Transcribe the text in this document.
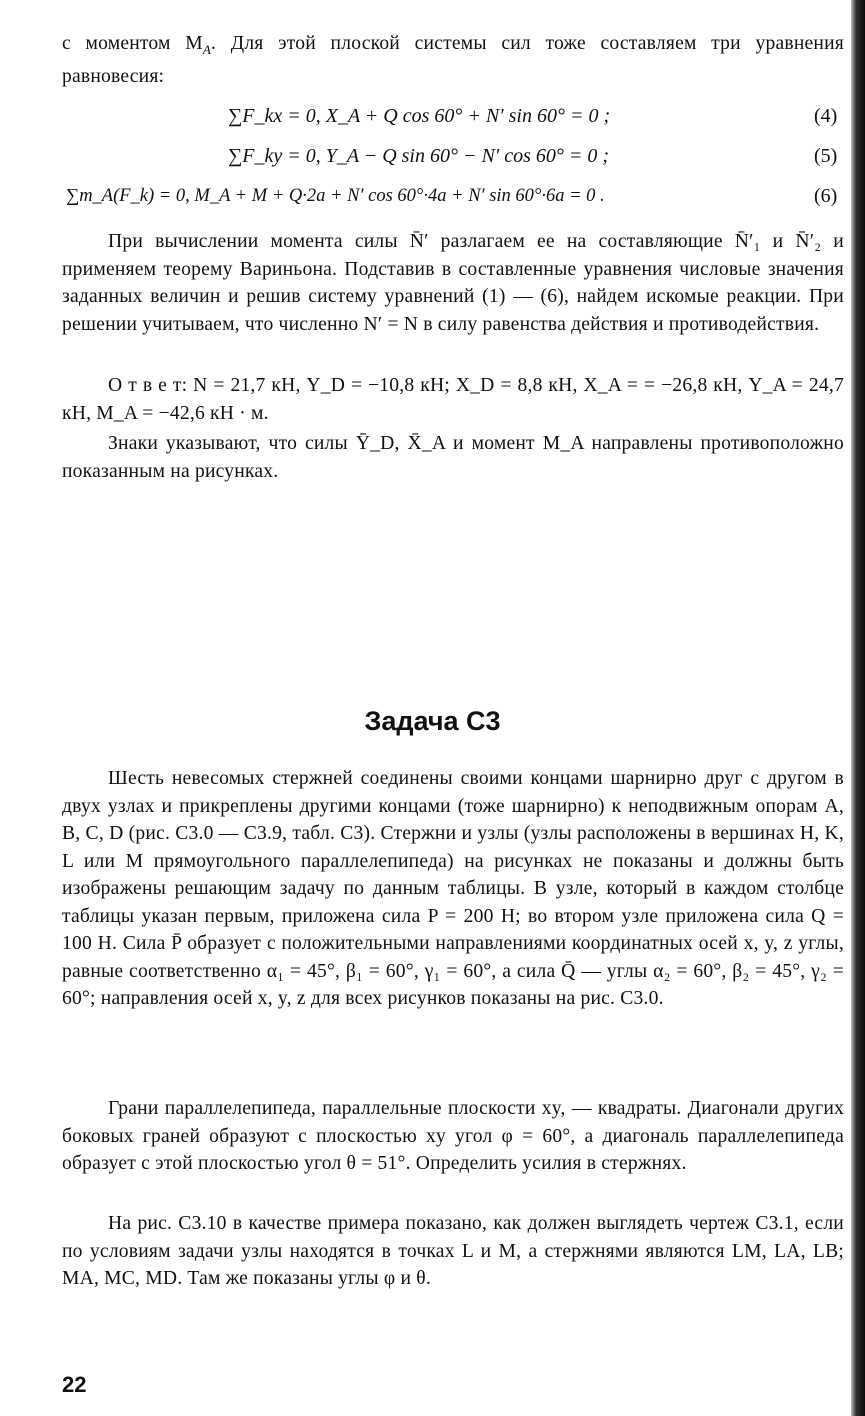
с моментом $M_A$. Для этой плоской системы сил тоже составляем три уравнения равновесия:

∑F_kx = 0, X_A + Q cos 60° + N′ sin 60° = 0 ;	(4)
∑F_ky = 0, Y_A − Q sin 60° − N′ cos 60° = 0 ;	(5)
∑m_A(F_k) = 0, M_A + M + Q·2a + N′ cos 60°·4a + N′ sin 60°·6a = 0 .	(6)

При вычислении момента силы N̄′ разлагаем ее на составляющие N̄′₁ и N̄′₂ и применяем теорему Вариньона. Подставив в составленные уравнения числовые значения заданных величин и решив систему уравнений (1) — (6), найдем искомые реакции. При решении учитываем, что численно N′ = N в силу равенства действия и противодействия.

О т в е т: N = 21,7 кН, Y_D = −10,8 кН; X_D = 8,8 кН, X_A = = −26,8 кН, Y_A = 24,7 кН, M_A = −42,6 кН · м.

Знаки указывают, что силы Ȳ_D, X̄_A и момент M_A направлены противоположно показанным на рисунках.

Задача С3

Шесть невесомых стержней соединены своими концами шарнирно друг с другом в двух узлах и прикреплены другими концами (тоже шарнирно) к неподвижным опорам A, B, C, D (рис. С3.0 — С3.9, табл. С3). Стержни и узлы (узлы расположены в вершинах H, K, L или M прямоугольного параллелепипеда) на рисунках не показаны и должны быть изображены решающим задачу по данным таблицы. В узле, который в каждом столбце таблицы указан первым, приложена сила P = 200 Н; во втором узле приложена сила Q = 100 Н. Сила P̄ образует с положительными направлениями координатных осей x, y, z углы, равные соответственно α₁ = 45°, β₁ = 60°, γ₁ = 60°, а сила Q̄ — углы α₂ = 60°, β₂ = 45°, γ₂ = 60°; направления осей x, y, z для всех рисунков показаны на рис. С3.0.

Грани параллелепипеда, параллельные плоскости xy, — квадраты. Диагонали других боковых граней образуют с плоскостью xy угол φ = 60°, а диагональ параллелепипеда образует с этой плоскостью угол θ = 51°. Определить усилия в стержнях.

На рис. С3.10 в качестве примера показано, как должен выглядеть чертеж С3.1, если по условиям задачи узлы находятся в точках L и M, а стержнями являются LM, LA, LB; MA, MC, MD. Там же показаны углы φ и θ.

22
